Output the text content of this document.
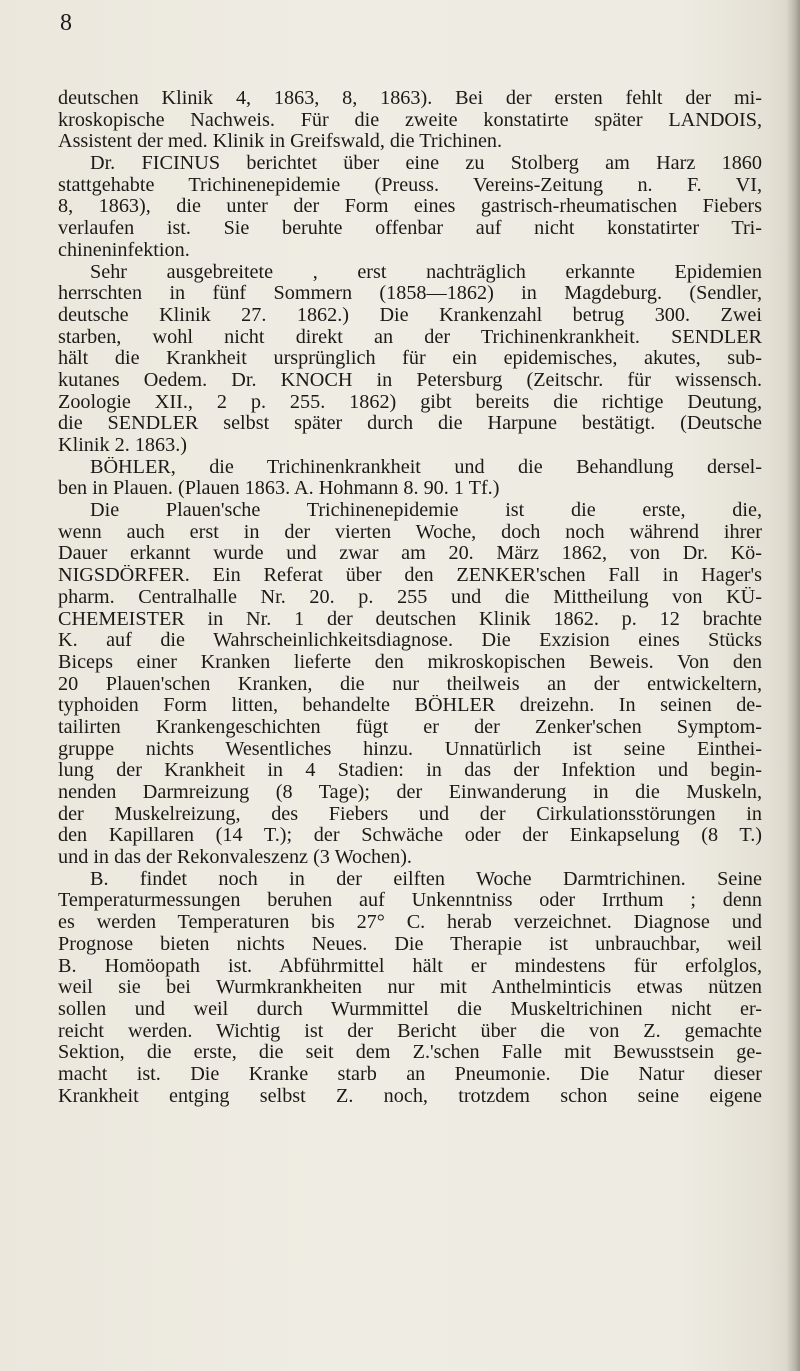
8
deutschen Klinik 4, 1863, 8, 1863). Bei der ersten fehlt der mi-
kroskopische Nachweis. Für die zweite konstatirte später LANDOIS,
Assistent der med. Klinik in Greifswald, die Trichinen.
Dr. FICINUS berichtet über eine zu Stolberg am Harz 1860
stattgehabte Trichinenepidemie (Preuss. Vereins-Zeitung n. F. VI,
8, 1863), die unter der Form eines gastrisch-rheumatischen Fiebers
verlaufen ist. Sie beruhte offenbar auf nicht konstatirter Tri-
chineninfektion.
Sehr ausgebreitete , erst nachträglich erkannte Epidemien
herrschten in fünf Sommern (1858—1862) in Magdeburg. (Sendler,
deutsche Klinik 27. 1862.) Die Krankenzahl betrug 300. Zwei
starben, wohl nicht direkt an der Trichinenkrankheit. SENDLER
hält die Krankheit ursprünglich für ein epidemisches, akutes, sub-
kutanes Oedem. Dr. KNOCH in Petersburg (Zeitschr. für wissensch.
Zoologie XII., 2 p. 255. 1862) gibt bereits die richtige Deutung,
die SENDLER selbst später durch die Harpune bestätigt. (Deutsche
Klinik 2. 1863.)
BÖHLER, die Trichinenkrankheit und die Behandlung dersel-
ben in Plauen. (Plauen 1863. A. Hohmann 8. 90. 1 Tf.)
Die Plauen'sche Trichinenepidemie ist die erste, die,
wenn auch erst in der vierten Woche, doch noch während ihrer
Dauer erkannt wurde und zwar am 20. März 1862, von Dr. Kö-
NIGSDÖRFER. Ein Referat über den ZENKER'schen Fall in Hager's
pharm. Centralhalle Nr. 20. p. 255 und die Mittheilung von KÜ-
CHEMEISTER in Nr. 1 der deutschen Klinik 1862. p. 12 brachte
K. auf die Wahrscheinlichkeitsdiagnose. Die Exzision eines Stücks
Biceps einer Kranken lieferte den mikroskopischen Beweis. Von den
20 Plauen'schen Kranken, die nur theilweis an der entwickeltern,
typhoiden Form litten, behandelte BÖHLER dreizehn. In seinen de-
tailirten Krankengeschichten fügt er der Zenker'schen Symptom-
gruppe nichts Wesentliches hinzu. Unnatürlich ist seine Einthei-
lung der Krankheit in 4 Stadien: in das der Infektion und begin-
nenden Darmreizung (8 Tage); der Einwanderung in die Muskeln,
der Muskelreizung, des Fiebers und der Cirkulationsstörungen in
den Kapillaren (14 T.); der Schwäche oder der Einkapselung (8 T.)
und in das der Rekonvaleszenz (3 Wochen).
B. findet noch in der eilften Woche Darmtrichinen. Seine
Temperaturmessungen beruhen auf Unkenntniss oder Irrthum ; denn
es werden Temperaturen bis 27° C. herab verzeichnet. Diagnose und
Prognose bieten nichts Neues. Die Therapie ist unbrauchbar, weil
B. Homöopath ist. Abführmittel hält er mindestens für erfolglos,
weil sie bei Wurmkrankheiten nur mit Anthelminticis etwas nützen
sollen und weil durch Wurmmittel die Muskeltrichinen nicht er-
reicht werden. Wichtig ist der Bericht über die von Z. gemachte
Sektion, die erste, die seit dem Z.'schen Falle mit Bewusstsein ge-
macht ist. Die Kranke starb an Pneumonie. Die Natur dieser
Krankheit entging selbst Z. noch, trotzdem schon seine eigene
